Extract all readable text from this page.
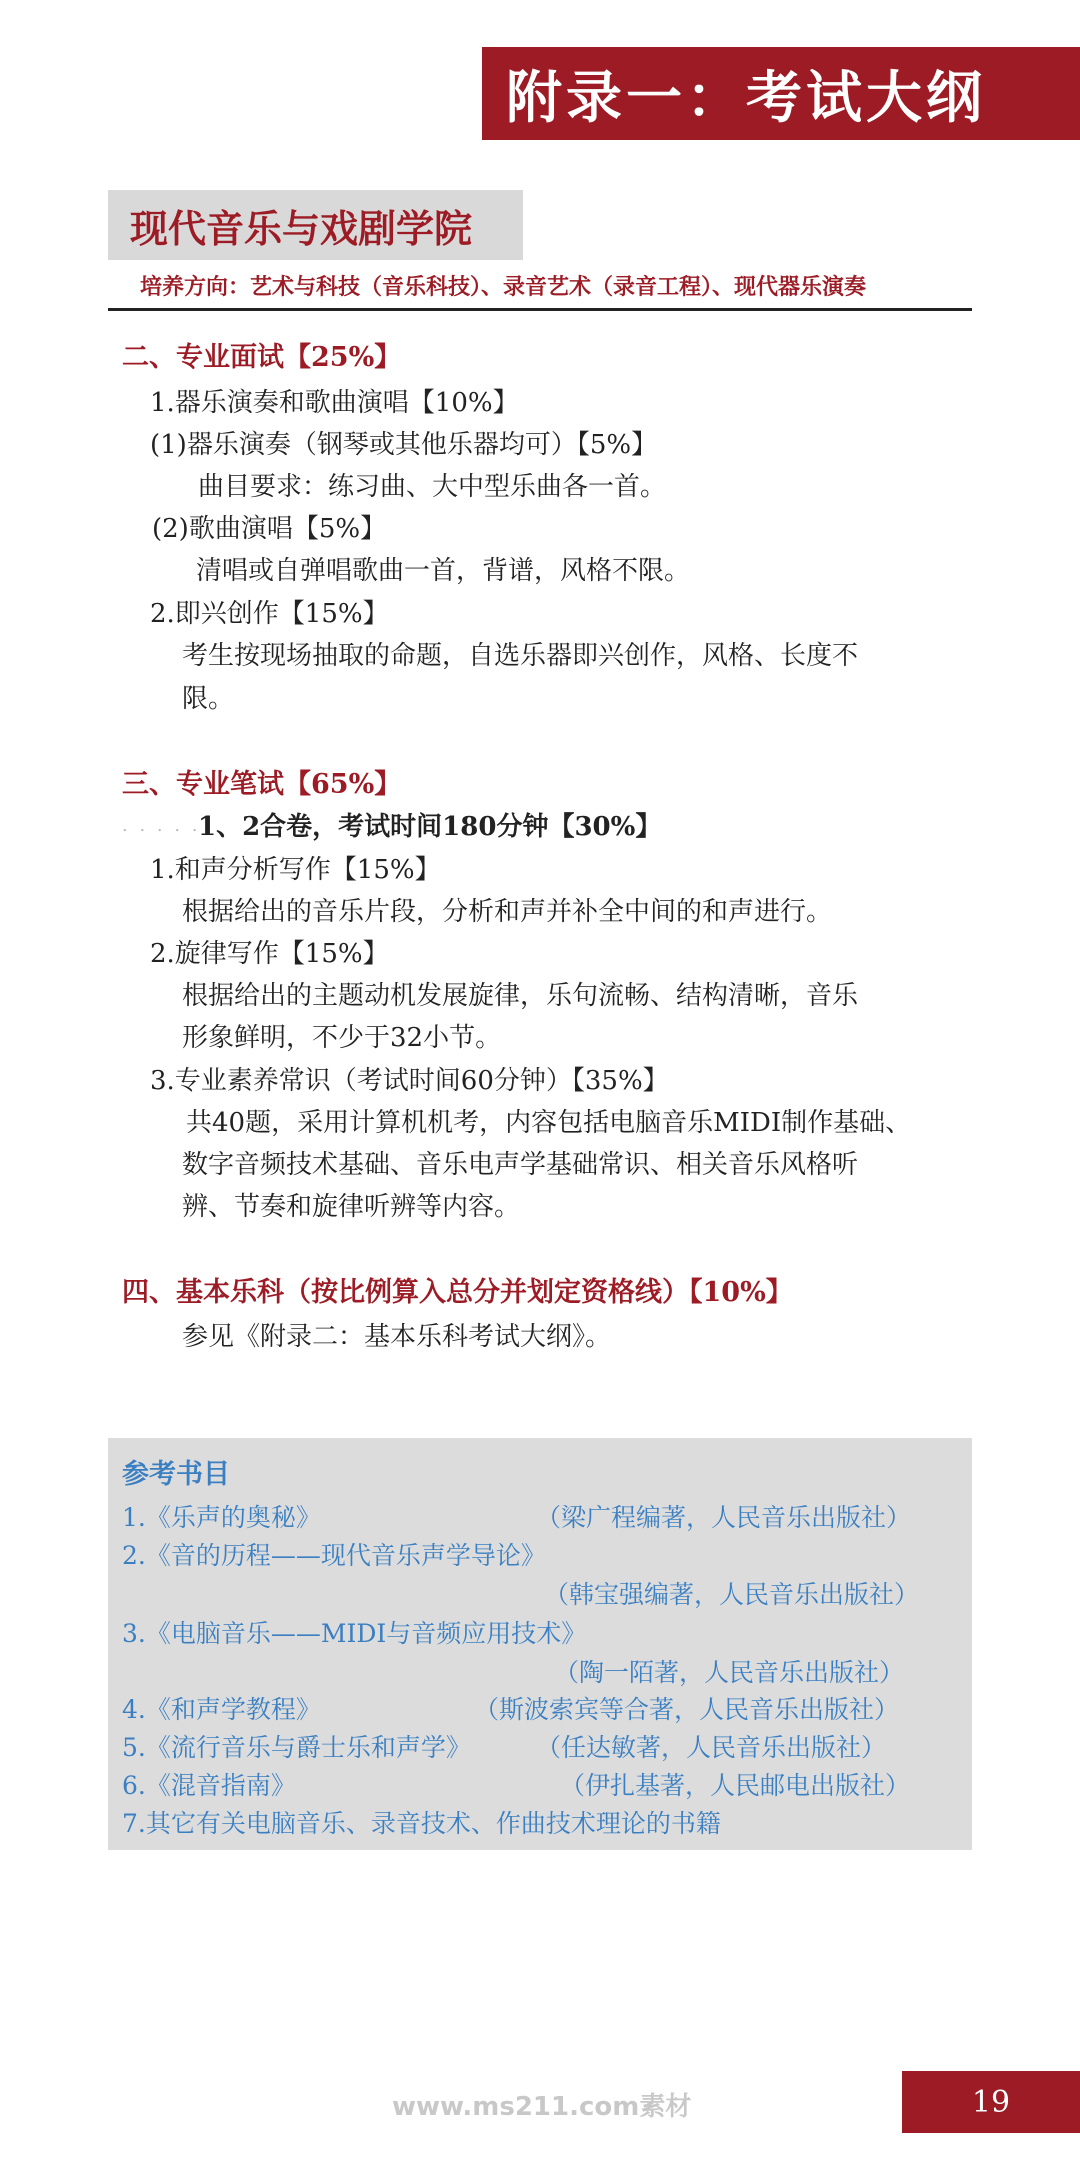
附录一：考试大纲
现代音乐与戏剧学院
培养方向：艺术与科技（音乐科技）、录音艺术（录音工程）、现代器乐演奏
二、专业面试【25%】
1.器乐演奏和歌曲演唱【10%】
(1)器乐演奏（钢琴或其他乐器均可）【5%】
曲目要求：练习曲、大中型乐曲各一首。
(2)歌曲演唱【5%】
清唱或自弹唱歌曲一首，背谱，风格不限。
2.即兴创作【15%】
考生按现场抽取的命题，自选乐器即兴创作，风格、长度不
限。
三、专业笔试【65%】
. . . . .
1、2合卷，考试时间180分钟【30%】
1.和声分析写作【15%】
根据给出的音乐片段，分析和声并补全中间的和声进行。
2.旋律写作【15%】
根据给出的主题动机发展旋律，乐句流畅、结构清晰，音乐
形象鲜明，不少于32小节。
3.专业素养常识（考试时间60分钟）【35%】
共40题，采用计算机机考，内容包括电脑音乐MIDI制作基础、
数字音频技术基础、音乐电声学基础常识、相关音乐风格听
辨、节奏和旋律听辨等内容。
四、基本乐科（按比例算入总分并划定资格线）【10%】
参见《附录二：基本乐科考试大纲》。
参考书目
1.《乐声的奥秘》	（梁广程编著，人民音乐出版社）
2.《音的历程——现代音乐声学导论》
（韩宝强编著，人民音乐出版社）
3.《电脑音乐——MIDI与音频应用技术》
（陶一陌著，人民音乐出版社）
4.《和声学教程》	（斯波索宾等合著，人民音乐出版社）
5.《流行音乐与爵士乐和声学》	（任达敏著，人民音乐出版社）
6.《混音指南》	（伊扎基著，人民邮电出版社）
7.其它有关电脑音乐、录音技术、作曲技术理论的书籍
www.ms211.com素材	19
